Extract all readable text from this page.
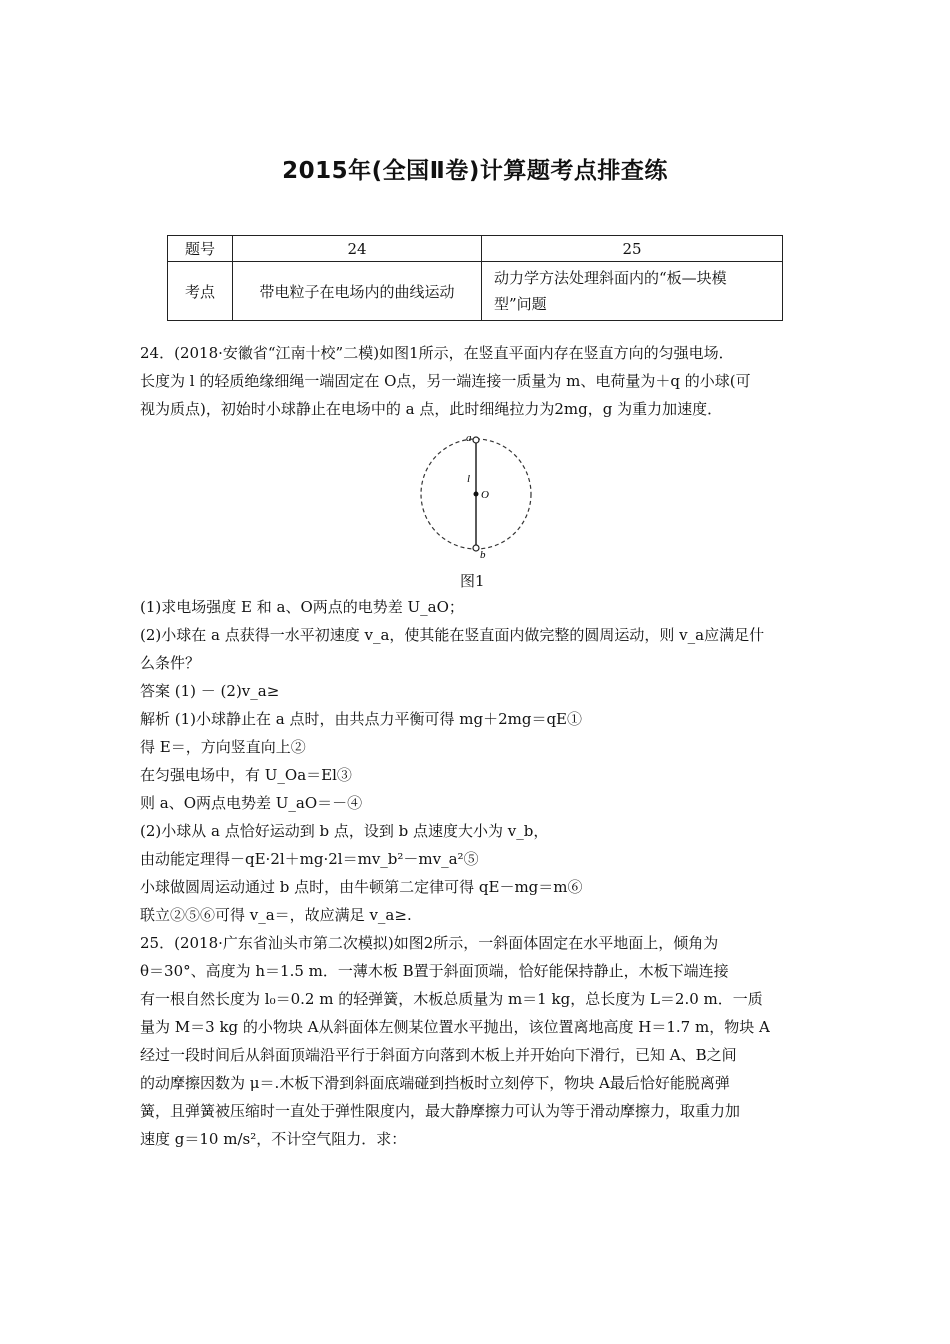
2015年(全国Ⅱ卷)计算题考点排查练
题号	24	25
考点	带电粒子在电场内的曲线运动	动力学方法处理斜面内的“板—块模
型”问题
24．(2018·安徽省“江南十校”二模)如图1所示，在竖直平面内存在竖直方向的匀强电场．
长度为 l 的轻质绝缘细绳一端固定在 O点，另一端连接一质量为 m、电荷量为＋q 的小球(可
视为质点)，初始时小球静止在电场中的 a 点，此时细绳拉力为2mg，g 为重力加速度．
a
O
l
b
图1
(1)求电场强度 E 和 a、O两点的电势差 U_aO；
(2)小球在 a 点获得一水平初速度 v_a，使其能在竖直面内做完整的圆周运动，则 v_a应满足什
么条件？
答案 (1) － (2)v_a≥
解析 (1)小球静止在 a 点时，由共点力平衡可得 mg＋2mg＝qE①
得 E＝，方向竖直向上②
在匀强电场中，有 U_Oa＝El③
则 a、O两点电势差 U_aO＝－④
(2)小球从 a 点恰好运动到 b 点，设到 b 点速度大小为 v_b，
由动能定理得－qE·2l＋mg·2l＝mv_b²－mv_a²⑤
小球做圆周运动通过 b 点时，由牛顿第二定律可得 qE－mg＝m⑥
联立②⑤⑥可得 v_a＝，故应满足 v_a≥.
25．(2018·广东省汕头市第二次模拟)如图2所示，一斜面体固定在水平地面上，倾角为
θ＝30°、高度为 h＝1.5 m．一薄木板 B置于斜面顶端，恰好能保持静止，木板下端连接
有一根自然长度为 l₀＝0.2 m 的轻弹簧，木板总质量为 m＝1 kg，总长度为 L＝2.0 m．一质
量为 M＝3 kg 的小物块 A从斜面体左侧某位置水平抛出，该位置离地高度 H＝1.7 m，物块 A
经过一段时间后从斜面顶端沿平行于斜面方向落到木板上并开始向下滑行，已知 A、B之间
的动摩擦因数为 μ＝.木板下滑到斜面底端碰到挡板时立刻停下，物块 A最后恰好能脱离弹
簧，且弹簧被压缩时一直处于弹性限度内，最大静摩擦力可认为等于滑动摩擦力，取重力加
速度 g＝10 m/s²，不计空气阻力．求：
